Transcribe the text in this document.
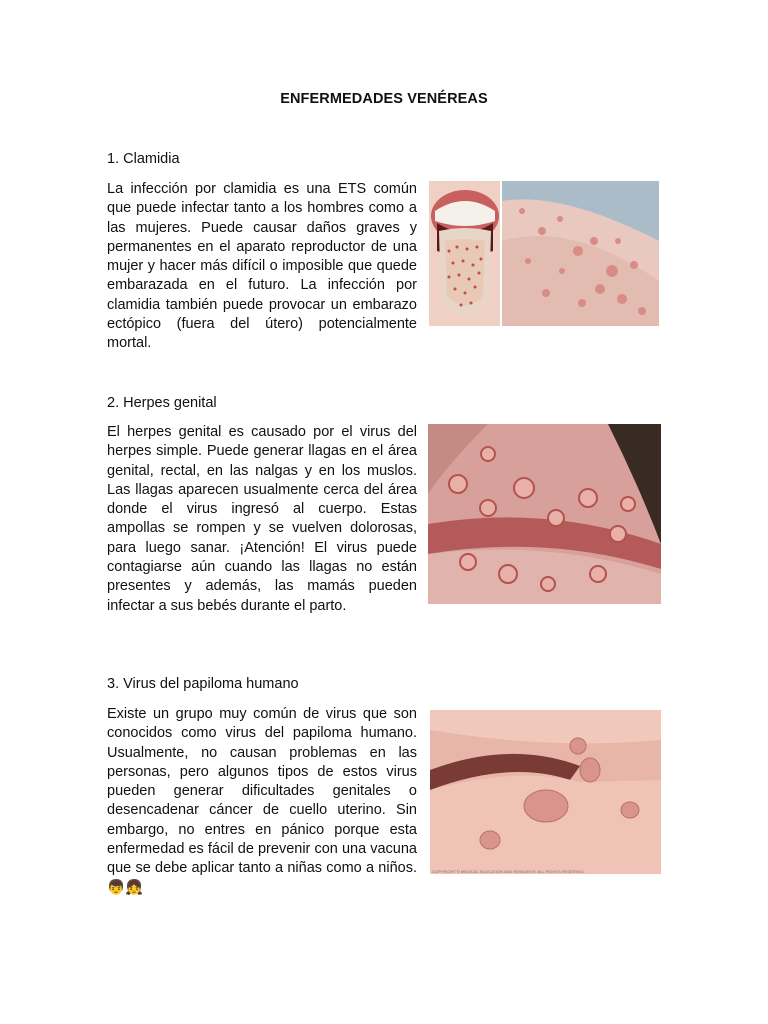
ENFERMEDADES VENÉREAS
1. Clamidia
La infección por clamidia es una ETS común que puede infectar tanto a los hombres como a las mujeres. Puede causar daños graves y permanentes en el aparato reproductor de una mujer y hacer más difícil o imposible que quede embarazada en el futuro. La infección por clamidia también puede provocar un embarazo ectópico (fuera del útero) potencialmente mortal.
2. Herpes genital
El herpes genital es causado por el virus del herpes simple. Puede generar llagas en el área genital, rectal, en las nalgas y en los muslos. Las llagas aparecen usualmente cerca del área donde el virus ingresó al cuerpo. Estas ampollas se rompen y se vuelven dolorosas, para luego sanar. ¡Atención! El virus puede contagiarse aún cuando las llagas no están presentes y además, las mamás pueden infectar a sus bebés durante el parto.
3. Virus del papiloma humano
Existe un grupo muy común de virus que son conocidos como virus del papiloma humano. Usualmente, no causan problemas en las personas, pero algunos tipos de estos virus pueden generar dificultades genitales o desencadenar cáncer de cuello uterino. Sin embargo, no entres en pánico porque esta enfermedad es fácil de prevenir con una vacuna que se debe aplicar tanto a niñas como a niños. 👦👧
COPYRIGHT © MEDICAL EDUCATION AND RESEARCH. ALL RIGHTS RESERVED.
